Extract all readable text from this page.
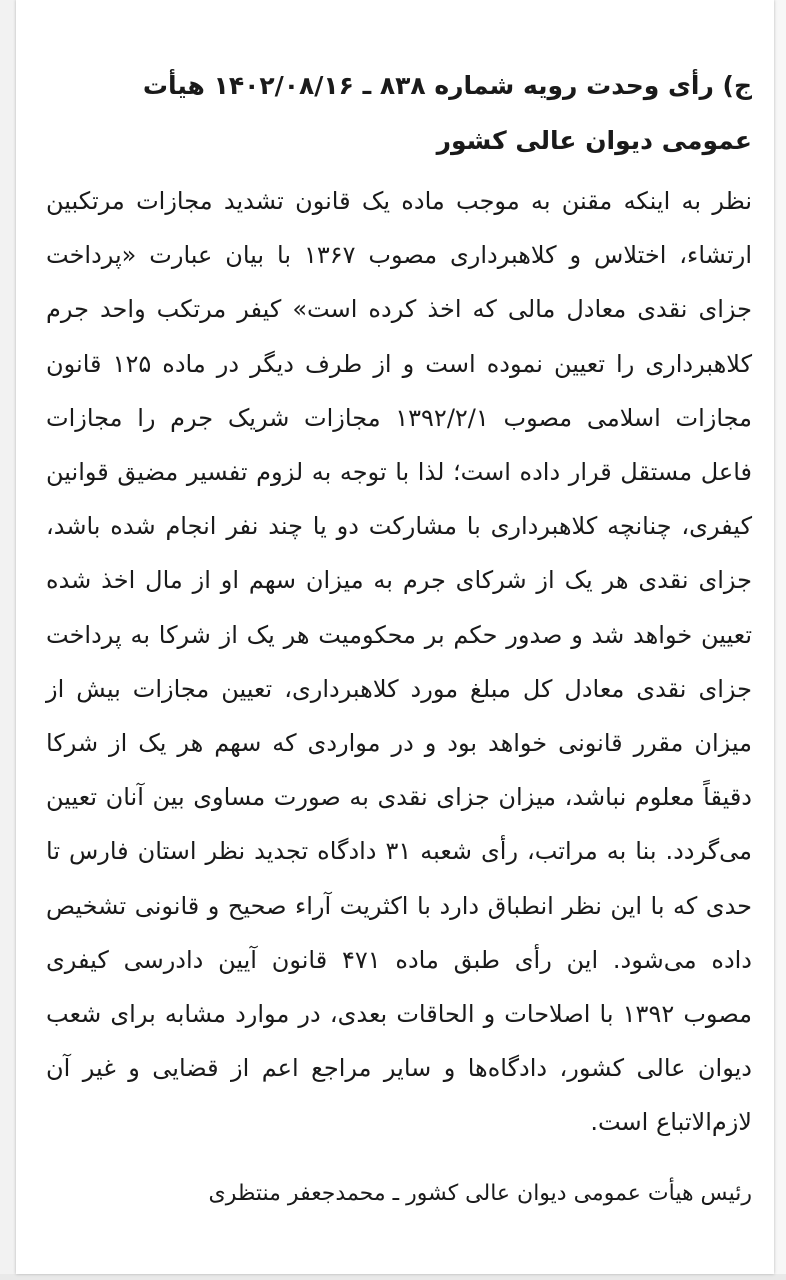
ج) رأی وحدت رویه شماره ۸۳۸ ـ ۱۴۰۲/۰۸/۱۶ هیأت عمومی دیوان عالی کشور

نظر به اینکه مقنن به موجب ماده یک قانون تشدید مجازات مرتکبین ارتشاء، اختلاس و کلاهبرداری مصوب ۱۳۶۷ با بیان عبارت «پرداخت جزای نقدی معادل مالی که اخذ کرده است» کیفر مرتکب واحد جرم کلاهبرداری را تعیین نموده است و از طرف دیگر در ماده ۱۲۵ قانون مجازات اسلامی مصوب ۱۳۹۲/۲/۱ مجازات شریک جرم را مجازات فاعل مستقل قرار داده است؛ لذا با توجه به لزوم تفسیر مضیق قوانین کیفری، چنانچه کلاهبرداری با مشارکت دو یا چند نفر انجام شده باشد، جزای نقدی هر یک از شرکای جرم به میزان سهم او از مال اخذ شده تعیین خواهد شد و صدور حکم بر محکومیت هر یک از شرکا به پرداخت جزای نقدی معادل کل مبلغ مورد کلاهبرداری، تعیین مجازات بیش از میزان مقرر قانونی خواهد بود و در مواردی که سهم هر یک از شرکا دقیقاً معلوم نباشد، میزان جزای نقدی به صورت مساوی بین آنان تعیین می‌گردد. بنا به مراتب، رأی شعبه ۳۱ دادگاه تجدید نظر استان فارس تا حدی که با این نظر انطباق دارد با اکثریت آراء صحیح و قانونی تشخیص داده می‌شود. این رأی طبق ماده ۴۷۱ قانون آیین دادرسی کیفری مصوب ۱۳۹۲ با اصلاحات و الحاقات بعدی، در موارد مشابه برای شعب دیوان عالی کشور، دادگاه‌ها و سایر مراجع اعم از قضایی و غیر آن لازم‌الاتباع است.

رئیس هیأت عمومی دیوان عالی کشور ـ محمدجعفر منتظری
